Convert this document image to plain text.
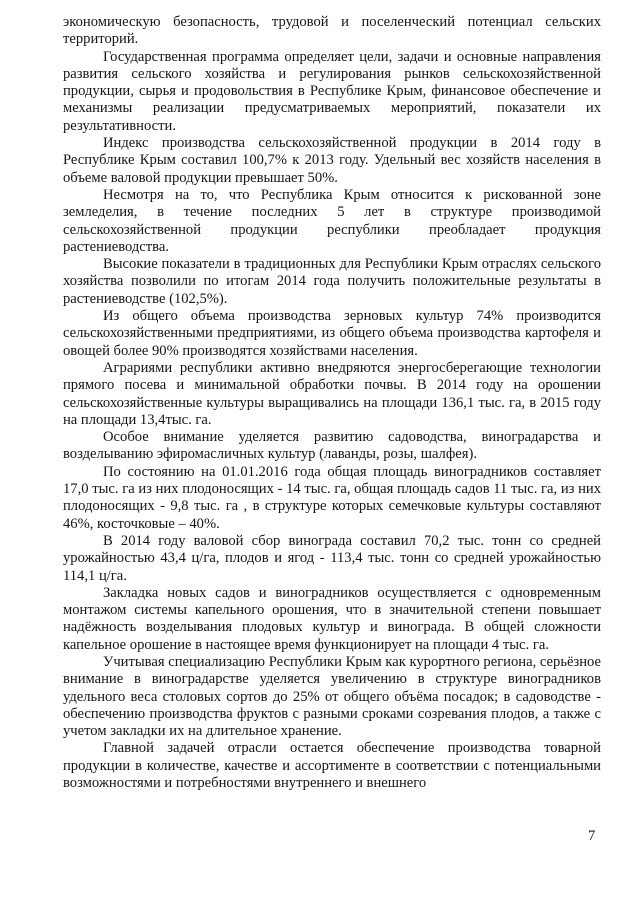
экономическую безопасность, трудовой и поселенческий потенциал сельских территорий.

Государственная программа определяет цели, задачи и основные направления развития сельского хозяйства и регулирования рынков сельскохозяйственной продукции, сырья и продовольствия в Республике Крым, финансовое обеспечение и механизмы реализации предусматриваемых мероприятий, показатели их результативности.

Индекс производства сельскохозяйственной продукции в 2014 году в Республике Крым составил 100,7% к 2013 году. Удельный вес хозяйств населения в объеме валовой продукции превышает 50%.

Несмотря на то, что Республика Крым относится к рискованной зоне земледелия, в течение последних 5 лет в структуре производимой сельскохозяйственной продукции республики преобладает продукция растениеводства.

Высокие показатели в традиционных для Республики Крым отраслях сельского хозяйства позволили по итогам 2014 года получить положительные результаты в растениеводстве (102,5%).

Из общего объема производства зерновых культур 74% производится сельскохозяйственными предприятиями, из общего объема производства картофеля и овощей более 90% производятся хозяйствами населения.

Аграриями республики активно внедряются энергосберегающие технологии прямого посева и минимальной обработки почвы. В 2014 году на орошении сельскохозяйственные культуры выращивались на площади 136,1 тыс. га, в 2015 году на площади 13,4тыс. га.

Особое внимание уделяется развитию садоводства, виноградарства и возделыванию эфиромасличных культур (лаванды, розы, шалфея).

По состоянию на 01.01.2016 года общая площадь виноградников составляет 17,0 тыс. га из них плодоносящих - 14 тыс. га, общая площадь садов 11 тыс. га, из них плодоносящих - 9,8 тыс. га , в структуре которых семечковые культуры составляют 46%, косточковые – 40%.

В 2014 году валовой сбор винограда составил 70,2 тыс. тонн со средней урожайностью 43,4 ц/га, плодов и ягод - 113,4 тыс. тонн со средней урожайностью 114,1 ц/га.

Закладка новых садов и виноградников осуществляется с одновременным монтажом системы капельного орошения, что в значительной степени повышает надёжность возделывания плодовых культур и винограда. В общей сложности капельное орошение в настоящее время функционирует на площади 4 тыс. га.

Учитывая специализацию Республики Крым как курортного региона, серьёзное внимание в виноградарстве уделяется увеличению в структуре виноградников удельного веса столовых сортов до 25% от общего объёма посадок; в садоводстве - обеспечению производства фруктов с разными сроками созревания плодов, а также с учетом закладки их на длительное хранение.

Главной задачей отрасли остается обеспечение производства товарной продукции в количестве, качестве и ассортименте в соответствии с потенциальными возможностями и потребностями внутреннего и внешнего

7
